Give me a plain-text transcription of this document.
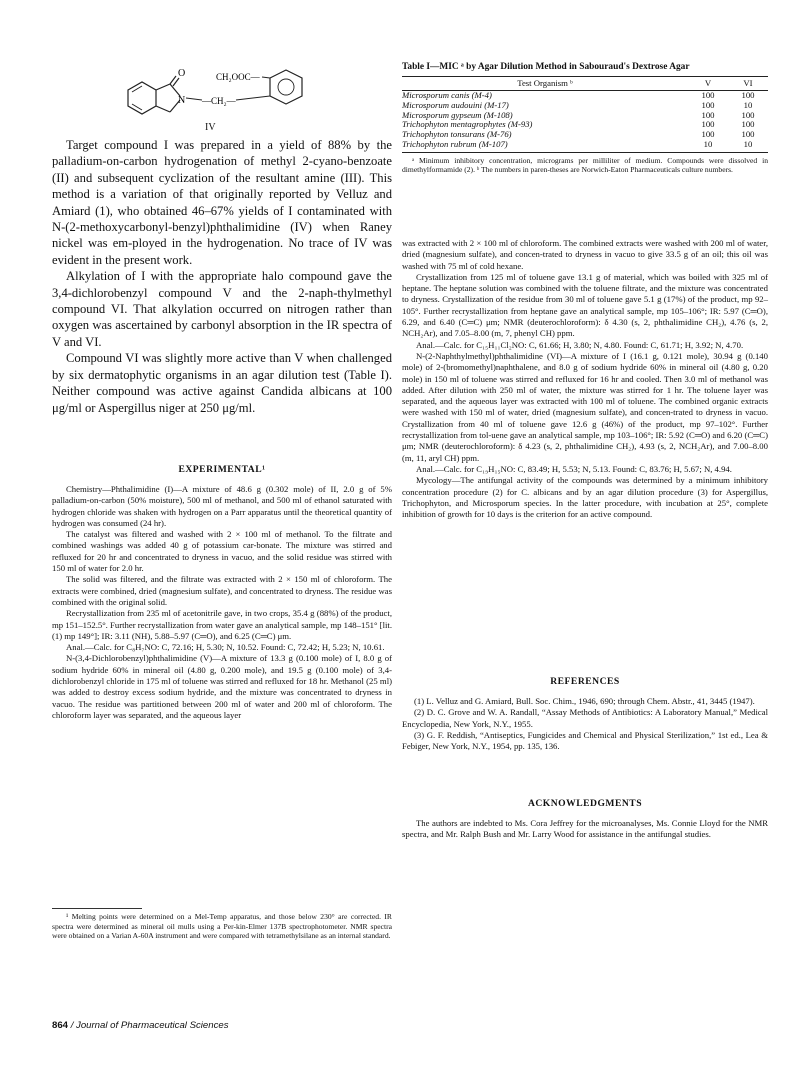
O
N —CH₂—
CH₂OOC—
IV

Target compound I was prepared in a yield of 88% by the palladium-on-carbon hydrogenation of methyl 2-cyano-benzoate (II) and subsequent cyclization of the resultant amine (III). This method is a variation of that originally reported by Velluz and Amiard (1), who obtained 46–67% yields of I contaminated with N-(2-methoxycarbonyl-benzyl)phthalimidine (IV) when Raney nickel was em-ployed in the hydrogenation. No trace of IV was evident in the present work.

Alkylation of I with the appropriate halo compound gave the 3,4-dichlorobenzyl compound V and the 2-naph-thylmethyl compound VI. That alkylation occurred on nitrogen rather than oxygen was ascertained by carbonyl absorption in the IR spectra of V and VI.

Compound VI was slightly more active than V when challenged by six dermatophytic organisms in an agar dilution test (Table I). Neither compound was active against Candida albicans at 100 μg/ml or Aspergillus niger at 250 μg/ml.

EXPERIMENTAL¹

Chemistry—Phthalimidine (I)—A mixture of 48.6 g (0.302 mole) of II, 2.0 g of 5% palladium-on-carbon (50% moisture), 500 ml of methanol, and 500 ml of ethanol saturated with hydrogen chloride was shaken with hydrogen on a Parr apparatus until the theoretical quantity of hydrogen was consumed (24 hr).

The catalyst was filtered and washed with 2 × 100 ml of methanol. To the filtrate and combined washings was added 40 g of potassium car-bonate. The mixture was stirred and refluxed for 20 hr and concentrated to dryness in vacuo, and the solid residue was stirred with 150 ml of water for 2.0 hr.

The solid was filtered, and the filtrate was extracted with 2 × 150 ml of chloroform. The extracts were combined, dried (magnesium sulfate), and concentrated to dryness. The residue was combined with the original solid.

Recrystallization from 235 ml of acetonitrile gave, in two crops, 35.4 g (88%) of the product, mp 151–152.5°. Further recrystallization from water gave an analytical sample, mp 148–151° [lit. (1) mp 149°]; IR: 3.11 (NH), 5.88–5.97 (C═O), and 6.25 (C═C) μm.

Anal.—Calc. for C₈H₇NO: C, 72.16; H, 5.30; N, 10.52. Found: C, 72.42; H, 5.23; N, 10.61.

N-(3,4-Dichlorobenzyl)phthalimidine (V)—A mixture of 13.3 g (0.100 mole) of I, 8.0 g of sodium hydride 60% in mineral oil (4.80 g, 0.200 mole), and 19.5 g (0.100 mole) of 3,4-dichlorobenzyl chloride in 175 ml of toluene was stirred and refluxed for 18 hr. Methanol (25 ml) was added to destroy excess sodium hydride, and the mixture was concentrated to dryness in vacuo. The residue was partitioned between 200 ml of water and 200 ml of chloroform. The chloroform layer was separated, and the aqueous layer

¹ Melting points were determined on a Mel-Temp apparatus, and those below 230° are corrected. IR spectra were determined as mineral oil mulls using a Per-kin-Elmer 137B spectrophotometer. NMR spectra were obtained on a Varian A-60A instrument and were compared with tetramethylsilane as an internal standard.

Table I—MIC ᵃ by Agar Dilution Method in Sabouraud's Dextrose Agar

Test Organism ᵇ	V	VI
Microsporum canis (M-4)	100	100
Microsporum audouini (M-17)	100	10
Microsporum gypseum (M-108)	100	100
Trichophyton mentagrophytes (M-93)	100	100
Trichophyton tonsurans (M-76)	100	100
Trichophyton rubrum (M-107)	10	10

ᵃ Minimum inhibitory concentration, micrograms per milliliter of medium. Compounds were dissolved in dimethylformamide (2). ᵇ The numbers in paren-theses are Norwich-Eaton Pharmaceuticals culture numbers.

was extracted with 2 × 100 ml of chloroform. The combined extracts were washed with 200 ml of water, dried (magnesium sulfate), and concen-trated to dryness in vacuo to give 33.5 g of an oil; this oil was washed with 75 ml of cold hexane.

Crystallization from 125 ml of toluene gave 13.1 g of material, which was boiled with 325 ml of heptane. The heptane solution was combined with the toluene filtrate, and the mixture was concentrated to dryness. Crystallization of the residue from 30 ml of toluene gave 5.1 g (17%) of the product, mp 92–105°. Further recrystallization from heptane gave an analytical sample, mp 105–106°; IR: 5.97 (C═O), 6.29, and 6.40 (C═C) μm; NMR (deuterochloroform): δ 4.30 (s, 2, phthalimidine CH₂), 4.76 (s, 2, NCH₂Ar), and 7.05–8.00 (m, 7, phenyl CH) ppm.

Anal.—Calc. for C₁₅H₁₁Cl₂NO: C, 61.66; H, 3.80; N, 4.80. Found: C, 61.71; H, 3.92; N, 4.70.

N-(2-Naphthylmethyl)phthalimidine (VI)—A mixture of I (16.1 g, 0.121 mole), 30.94 g (0.140 mole) of 2-(bromomethyl)naphthalene, and 8.0 g of sodium hydride 60% in mineral oil (4.80 g, 0.20 mole) in 150 ml of toluene was stirred and refluxed for 16 hr and cooled. Then 3.0 ml of methanol was added. After dilution with 250 ml of water, the mixture was stirred for 1 hr. The toluene layer was separated, and the aqueous layer was extracted with 100 ml of toluene. The combined organic extracts were washed with 150 ml of water, dried (magnesium sulfate), and concen-trated to dryness in vacuo. Crystallization from 40 ml of toluene gave 12.6 g (46%) of the product, mp 97–102°. Further recrystallization from tol-uene gave an analytical sample, mp 103–106°; IR: 5.92 (C═O) and 6.20 (C═C) μm; NMR (deuterochloroform): δ 4.23 (s, 2, phthalimidine CH₂), 4.93 (s, 2, NCH₂Ar), and 7.00–8.00 (m, 11, aryl CH) ppm.

Anal.—Calc. for C₁₉H₁₅NO: C, 83.49; H, 5.53; N, 5.13. Found: C, 83.76; H, 5.67; N, 4.94.

Mycology—The antifungal activity of the compounds was determined by a minimum inhibitory concentration procedure (2) for C. albicans and by an agar dilution procedure (3) for Aspergillus, Trichophyton, and Microsporum species. In the latter procedure, with incubation at 25°, complete inhibition of growth for 10 days is the criterion for an active compound.

REFERENCES

(1) L. Velluz and G. Amiard, Bull. Soc. Chim., 1946, 690; through Chem. Abstr., 41, 3445 (1947).

(2) D. C. Grove and W. A. Randall, “Assay Methods of Antibiotics: A Laboratory Manual,” Medical Encyclopedia, New York, N.Y., 1955.

(3) G. F. Reddish, “Antiseptics, Fungicides and Chemical and Physical Sterilization,” 1st ed., Lea & Febiger, New York, N.Y., 1954, pp. 135, 136.

ACKNOWLEDGMENTS

The authors are indebted to Ms. Cora Jeffrey for the microanalyses, Ms. Connie Lloyd for the NMR spectra, and Mr. Ralph Bush and Mr. Larry Wood for assistance in the antifungal studies.

864 / Journal of Pharmaceutical Sciences
